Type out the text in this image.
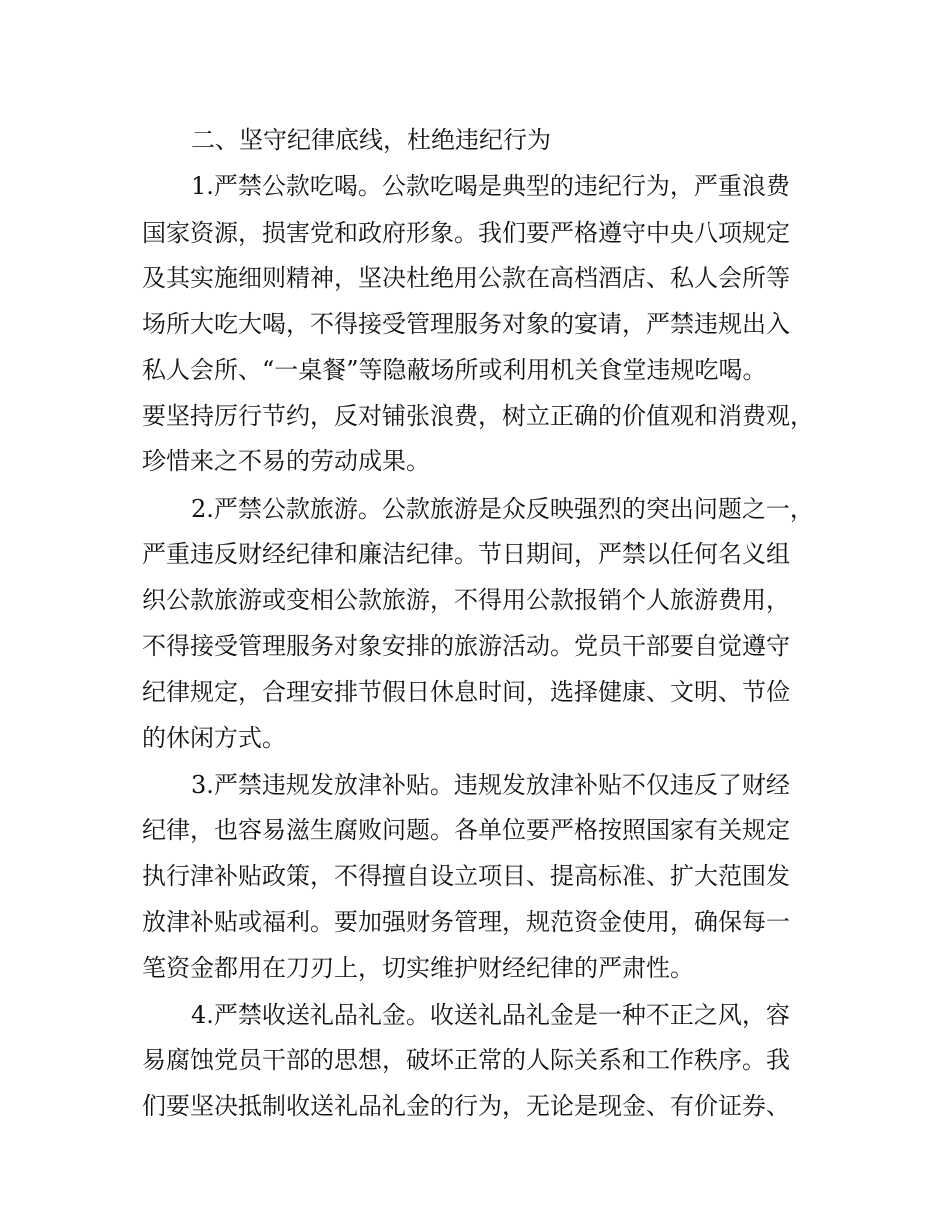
二、坚守纪律底线，杜绝违纪行为
1.严禁公款吃喝。公款吃喝是典型的违纪行为，严重浪费
国家资源，损害党和政府形象。我们要严格遵守中央八项规定
及其实施细则精神，坚决杜绝用公款在高档酒店、私人会所等
场所大吃大喝，不得接受管理服务对象的宴请，严禁违规出入
私人会所、“一桌餐”等隐蔽场所或利用机关食堂违规吃喝。
要坚持厉行节约，反对铺张浪费，树立正确的价值观和消费观，
珍惜来之不易的劳动成果。
2.严禁公款旅游。公款旅游是众反映强烈的突出问题之一，
严重违反财经纪律和廉洁纪律。节日期间，严禁以任何名义组
织公款旅游或变相公款旅游，不得用公款报销个人旅游费用，
不得接受管理服务对象安排的旅游活动。党员干部要自觉遵守
纪律规定，合理安排节假日休息时间，选择健康、文明、节俭
的休闲方式。
3.严禁违规发放津补贴。违规发放津补贴不仅违反了财经
纪律，也容易滋生腐败问题。各单位要严格按照国家有关规定
执行津补贴政策，不得擅自设立项目、提高标准、扩大范围发
放津补贴或福利。要加强财务管理，规范资金使用，确保每一
笔资金都用在刀刃上，切实维护财经纪律的严肃性。
4.严禁收送礼品礼金。收送礼品礼金是一种不正之风，容
易腐蚀党员干部的思想，破坏正常的人际关系和工作秩序。我
们要坚决抵制收送礼品礼金的行为，无论是现金、有价证券、
